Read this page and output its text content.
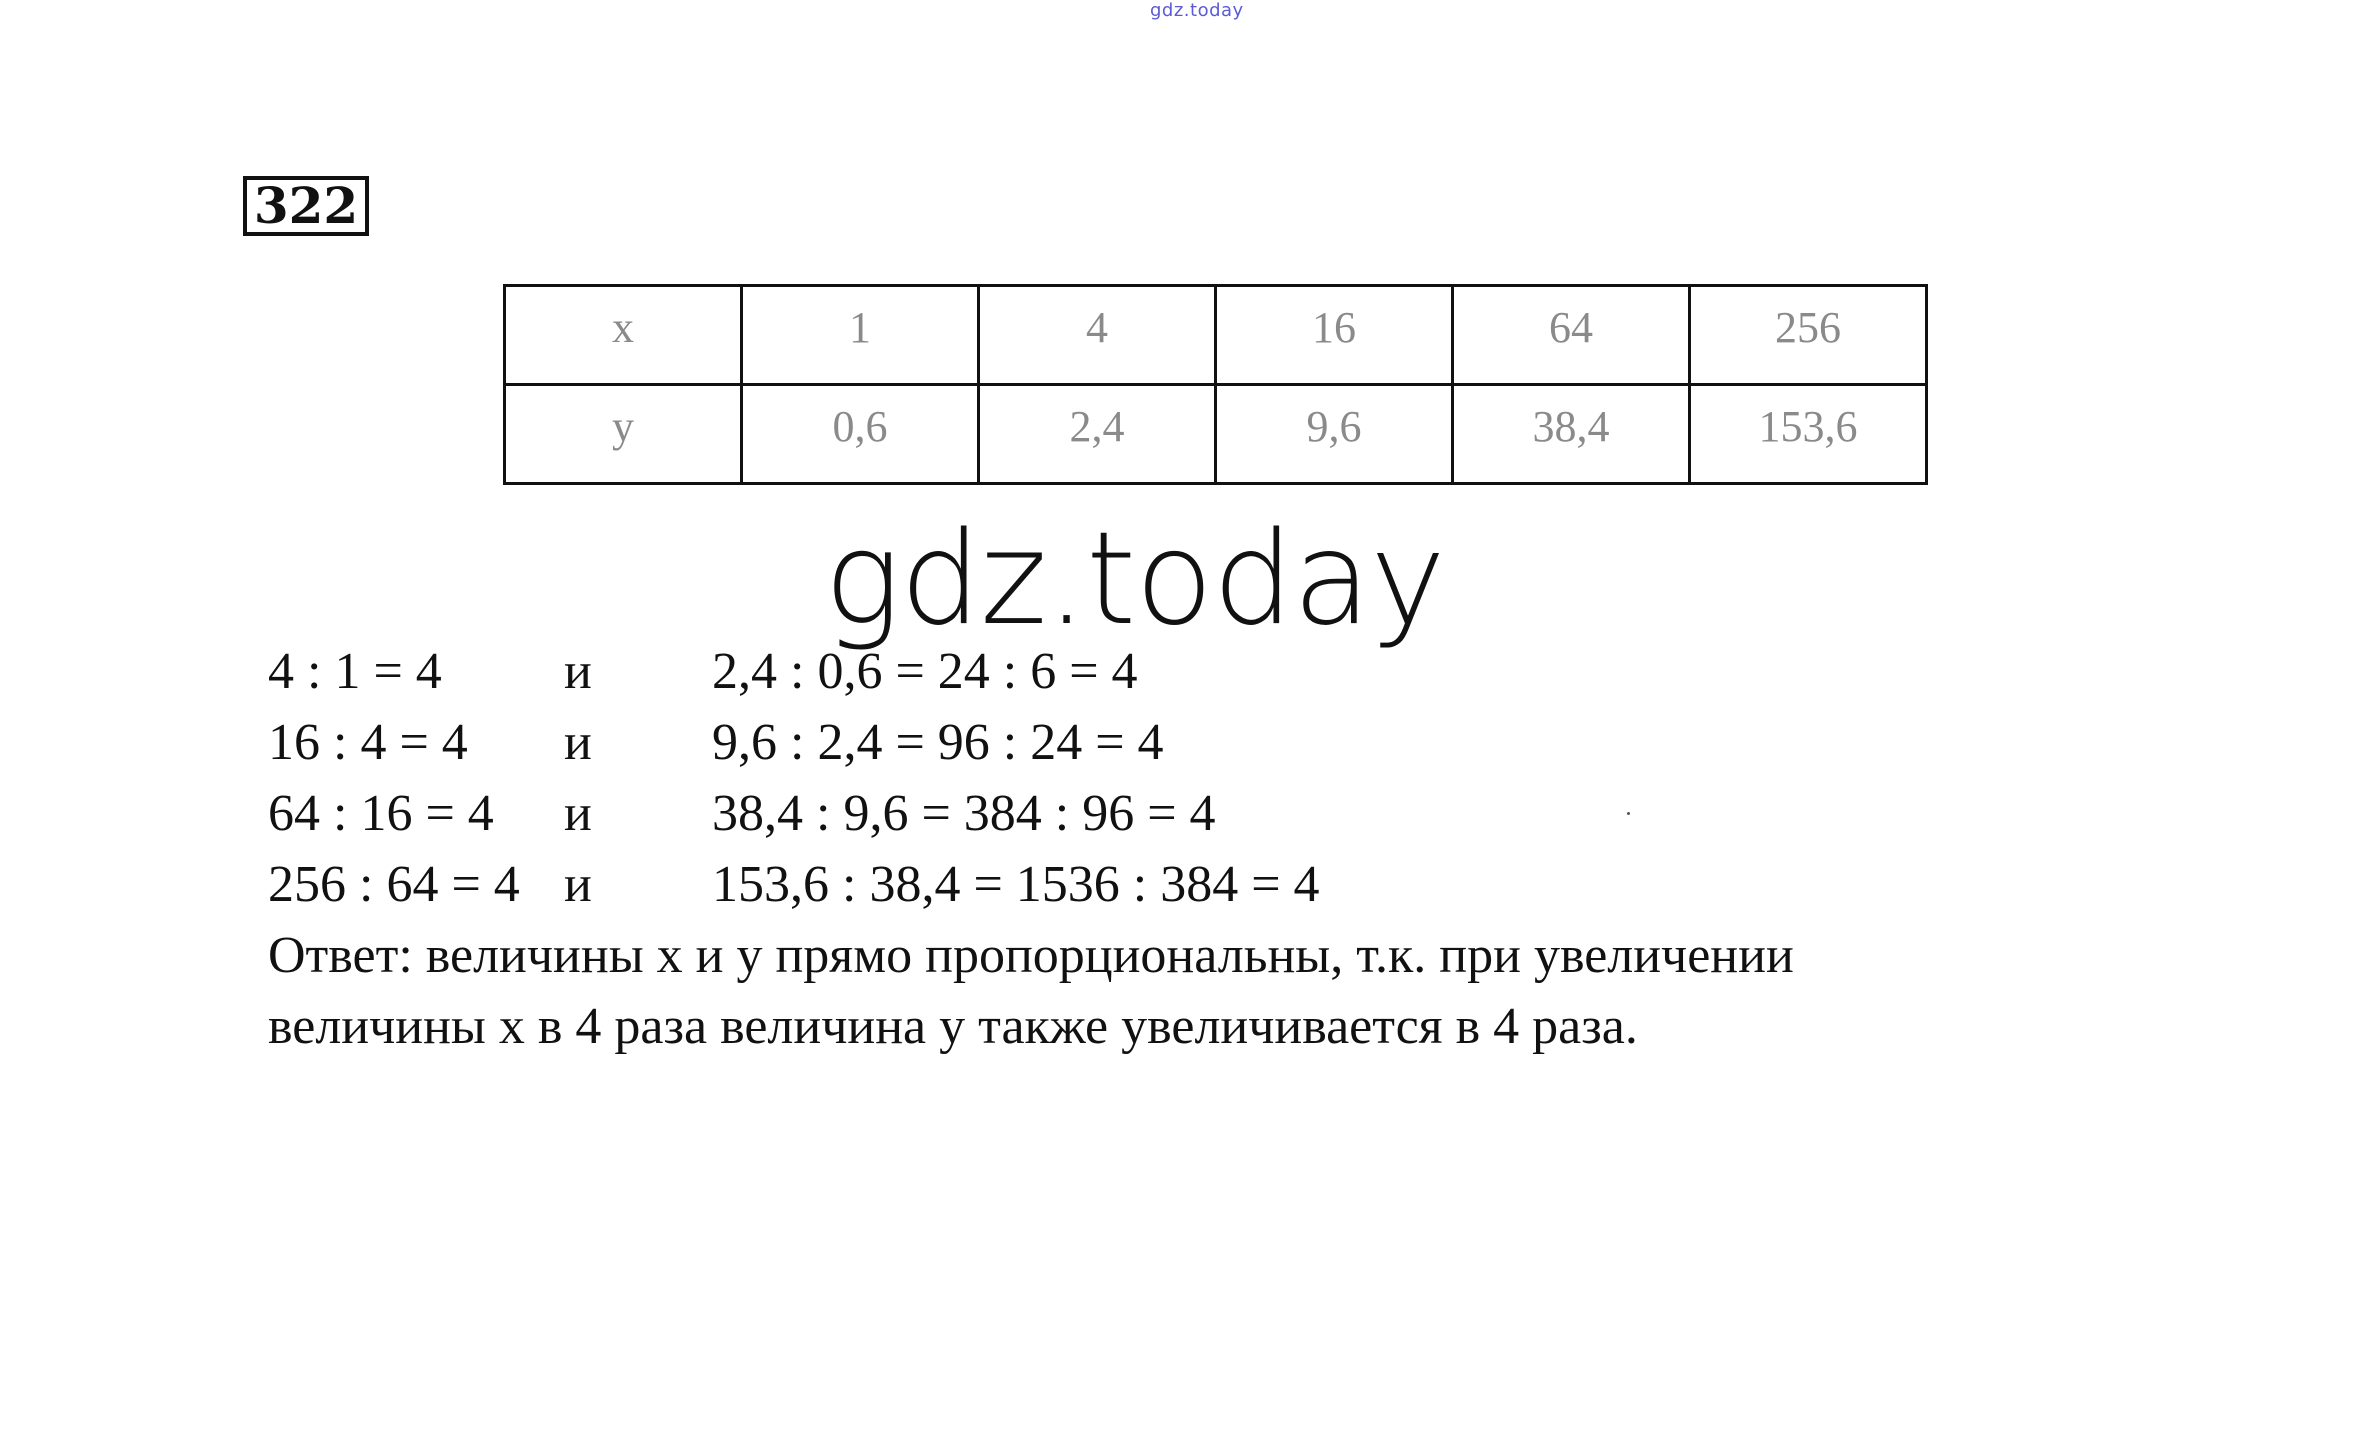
gdz.today
322
x	1	4	16	64	256
y	0,6	2,4	9,6	38,4	153,6
gdz.today
4 : 1 = 4 и 2,4 : 0,6 = 24 : 6 = 4
16 : 4 = 4 и 9,6 : 2,4 = 96 : 24 = 4
64 : 16 = 4 и 38,4 : 9,6 = 384 : 96 = 4
256 : 64 = 4 и 153,6 : 38,4 = 1536 : 384 = 4
Ответ: величины х и у прямо пропорциональны, т.к. при увеличении
величины х в 4 раза величина у также увеличивается в 4 раза.
